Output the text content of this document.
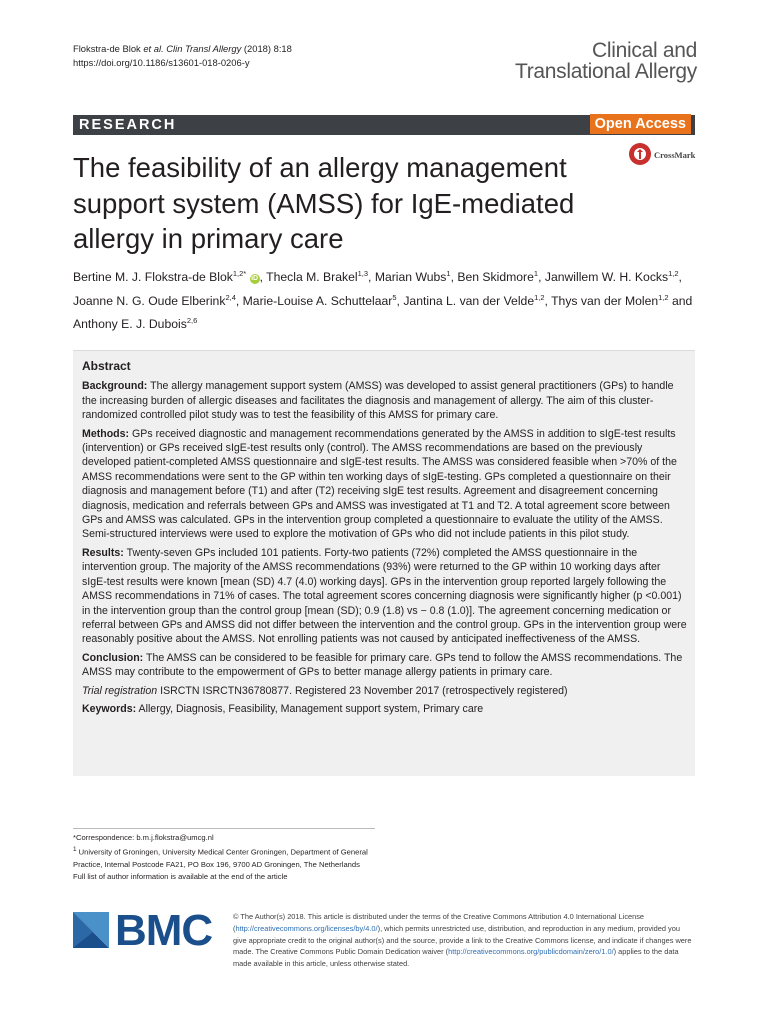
Flokstra-de Blok et al. Clin Transl Allergy (2018) 8:18
https://doi.org/10.1186/s13601-018-0206-y
Clinical and
Translational Allergy
RESEARCH	Open Access
The feasibility of an allergy management support system (AMSS) for IgE-mediated allergy in primary care
CrossMark
Bertine M. J. Flokstra-de Blok$^{1,2*}$ iD , Thecla M. Brakel$^{1,3}$, Marian Wubs$^1$, Ben Skidmore$^1$, Janwillem W. H. Kocks$^{1,2}$, Joanne N. G. Oude Elberink$^{2,4}$, Marie-Louise A. Schuttelaar$^5$, Jantina L. van der Velde$^{1,2}$, Thys van der Molen$^{1,2}$ and Anthony E. J. Dubois$^{2,6}$

Abstract

Background: The allergy management support system (AMSS) was developed to assist general practitioners (GPs) to handle the increasing burden of allergic diseases and facilitates the diagnosis and management of allergy. The aim of this cluster-randomized controlled pilot study was to test the feasibility of this AMSS for primary care.

Methods: GPs received diagnostic and management recommendations generated by the AMSS in addition to sIgE-test results (intervention) or GPs received sIgE-test results only (control). The AMSS recommendations are based on the previously developed patient-completed AMSS questionnaire and sIgE-test results. The AMSS was considered feasible when >70% of the AMSS recommendations were sent to the GP within ten working days of sIgE-testing. GPs completed a questionnaire on their diagnosis and management before (T1) and after (T2) receiving sIgE test results. Agreement and disagreement concerning diagnosis, medication and referrals between GPs and AMSS was investigated at T1 and T2. A total agreement score between GPs and AMSS was calculated. GPs in the intervention group completed a questionnaire to evaluate the utility of the AMSS. Semi-structured interviews were used to explore the motivation of GPs who did not include patients in this pilot study.

Results: Twenty-seven GPs included 101 patients. Forty-two patients (72%) completed the AMSS questionnaire in the intervention group. The majority of the AMSS recommendations (93%) were returned to the GP within 10 working days after sIgE-test results were known [mean (SD) 4.7 (4.0) working days]. GPs in the intervention group reported largely following the AMSS recommendations in 71% of cases. The total agreement scores concerning diagnosis were significantly higher (p <0.001) in the intervention group than the control group [mean (SD); 0.9 (1.8) vs − 0.8 (1.0)]. The agreement concerning medication or referral between GPs and AMSS did not differ between the intervention and the control group. GPs in the intervention group were reasonably positive about the AMSS. Not enrolling patients was not caused by anticipated ineffectiveness of the AMSS.

Conclusion: The AMSS can be considered to be feasible for primary care. GPs tend to follow the AMSS recommendations. The AMSS may contribute to the empowerment of GPs to better manage allergy patients in primary care.

Trial registration ISRCTN ISRCTN36780877. Registered 23 November 2017 (retrospectively registered)

Keywords: Allergy, Diagnosis, Feasibility, Management support system, Primary care

*Correspondence: b.m.j.flokstra@umcg.nl
$^1$ University of Groningen, University Medical Center Groningen, Department of General Practice, Internal Postcode FA21, PO Box 196, 9700 AD Groningen, The Netherlands
Full list of author information is available at the end of the article
BMC	© The Author(s) 2018. This article is distributed under the terms of the Creative Commons Attribution 4.0 International License (http://creativecommons.org/licenses/by/4.0/), which permits unrestricted use, distribution, and reproduction in any medium, provided you give appropriate credit to the original author(s) and the source, provide a link to the Creative Commons license, and indicate if changes were made. The Creative Commons Public Domain Dedication waiver (http://creativecommons.org/publicdomain/zero/1.0/) applies to the data made available in this article, unless otherwise stated.
